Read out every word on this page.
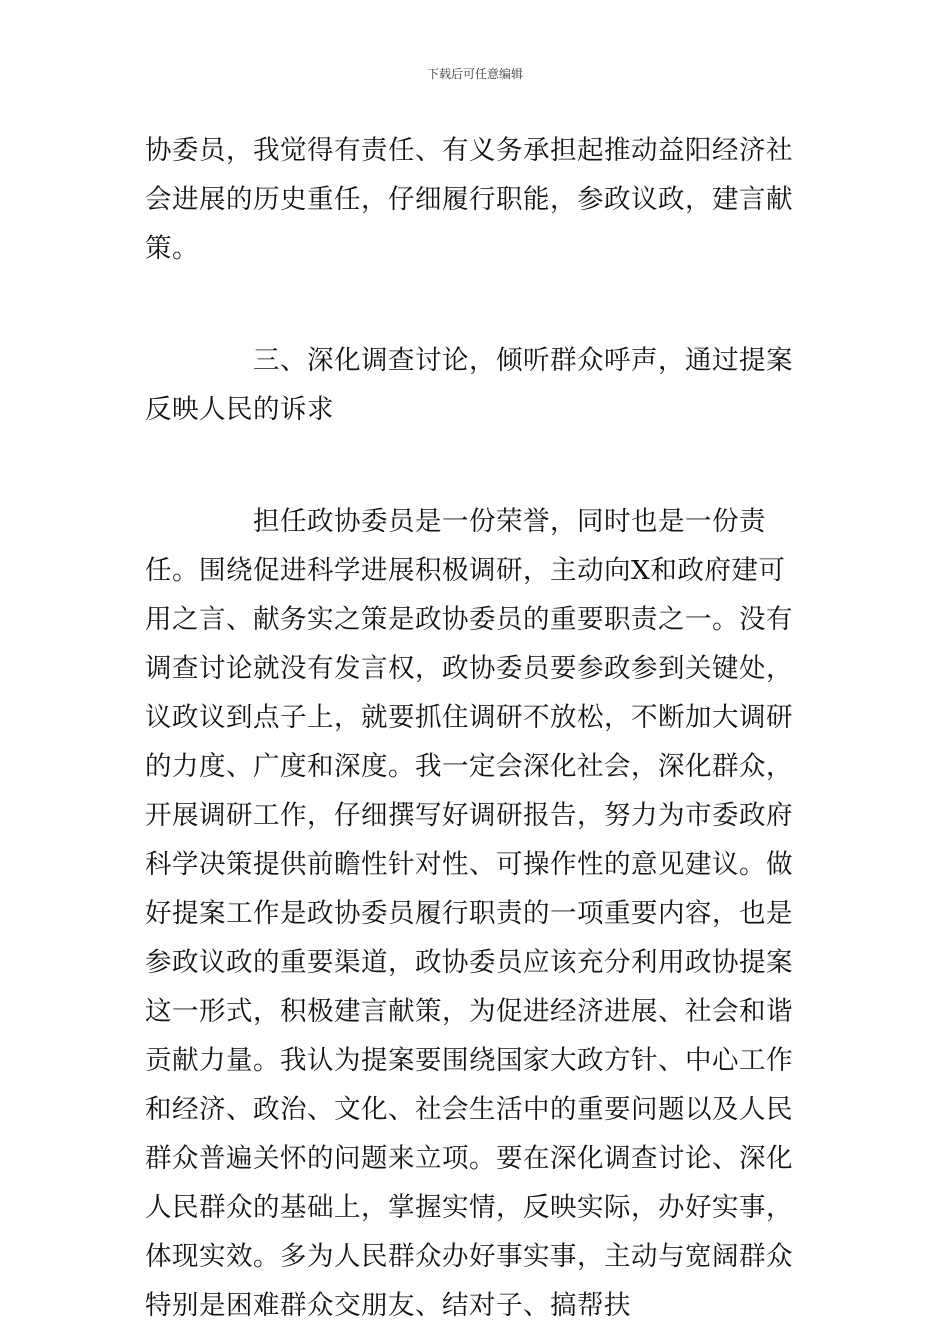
下载后可任意编辑

协委员，我觉得有责任、有义务承担起推动益阳经济社会进展的历史重任，仔细履行职能，参政议政，建言献策。

三、深化调查讨论，倾听群众呼声，通过提案反映人民的诉求

担任政协委员是一份荣誉，同时也是一份责任。围绕促进科学进展积极调研，主动向X和政府建可用之言、献务实之策是政协委员的重要职责之一。没有调查讨论就没有发言权，政协委员要参政参到关键处，议政议到点子上，就要抓住调研不放松，不断加大调研的力度、广度和深度。我一定会深化社会，深化群众，开展调研工作，仔细撰写好调研报告，努力为市委政府科学决策提供前瞻性针对性、可操作性的意见建议。做好提案工作是政协委员履行职责的一项重要内容，也是参政议政的重要渠道，政协委员应该充分利用政协提案这一形式，积极建言献策，为促进经济进展、社会和谐贡献力量。我认为提案要围绕国家大政方针、中心工作和经济、政治、文化、社会生活中的重要问题以及人民群众普遍关怀的问题来立项。要在深化调查讨论、深化人民群众的基础上，掌握实情，反映实际，办好实事，体现实效。多为人民群众办好事实事，主动与宽阔群众特别是困难群众交朋友、结对子、搞帮扶
